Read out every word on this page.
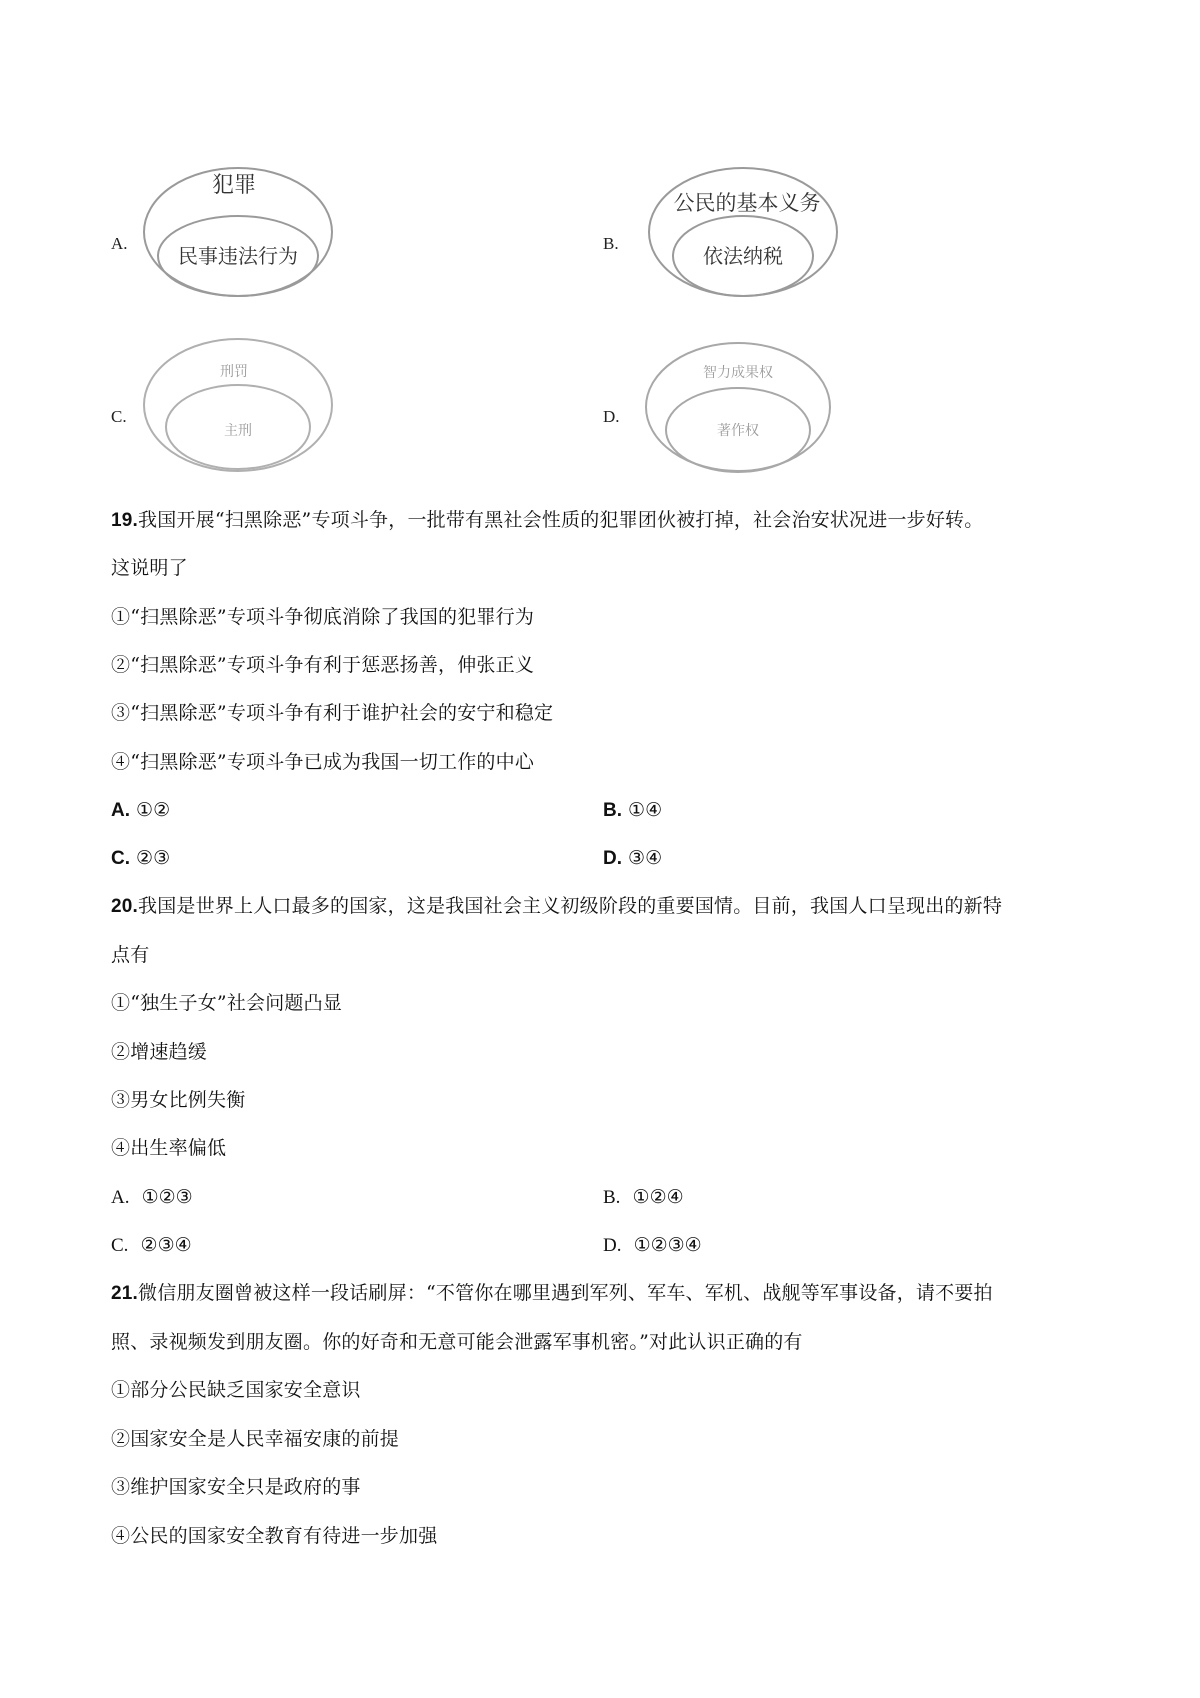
A.
犯罪
民事违法行为
B.
公民的基本义务
依法纳税
C.
刑罚
主刑
D.
智力成果权
著作权
19.我国开展“扫黑除恶”专项斗争，一批带有黑社会性质的犯罪团伙被打掉，社会治安状况进一步好转。
这说明了
①“扫黑除恶”专项斗争彻底消除了我国的犯罪行为
②“扫黑除恶”专项斗争有利于惩恶扬善，伸张正义
③“扫黑除恶”专项斗争有利于谁护社会的安宁和稳定
④“扫黑除恶”专项斗争已成为我国一切工作的中心
A. ①②	B. ①④
C. ②③	D. ③④
20.我国是世界上人口最多的国家，这是我国社会主义初级阶段的重要国情。目前，我国人口呈现出的新特
点有
①“独生子女”社会问题凸显
②增速趋缓
③男女比例失衡
④出生率偏低
A. ①②③	B. ①②④
C. ②③④	D. ①②③④
21.微信朋友圈曾被这样一段话刷屏：“不管你在哪里遇到军列、军车、军机、战舰等军事设备，请不要拍
照、录视频发到朋友圈。你的好奇和无意可能会泄露军事机密。”对此认识正确的有
①部分公民缺乏国家安全意识
②国家安全是人民幸福安康的前提
③维护国家安全只是政府的事
④公民的国家安全教育有待进一步加强
